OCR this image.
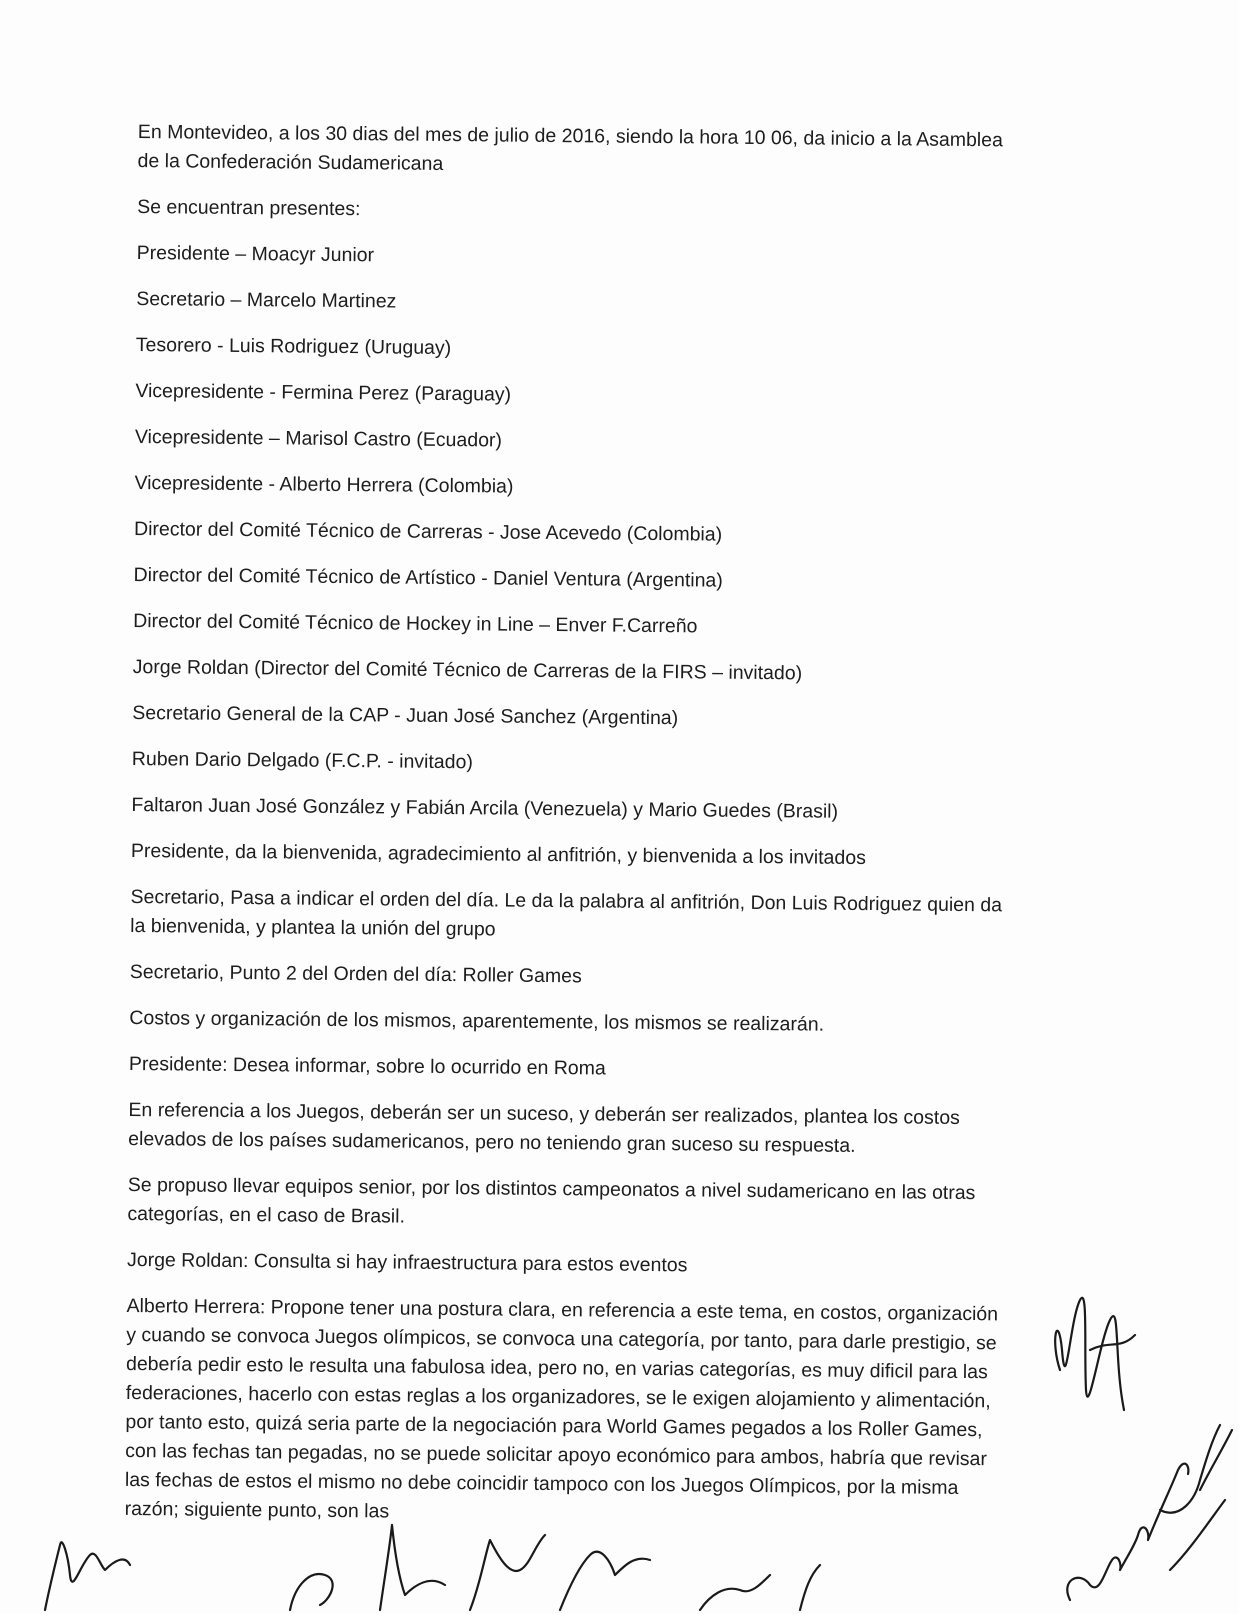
En Montevideo, a los 30 dias del mes de julio de 2016, siendo la hora 10 06, da inicio a la Asamblea de la Confederación Sudamericana

Se encuentran presentes:

Presidente – Moacyr Junior

Secretario – Marcelo Martinez

Tesorero - Luis Rodriguez (Uruguay)

Vicepresidente - Fermina Perez (Paraguay)

Vicepresidente – Marisol Castro (Ecuador)

Vicepresidente - Alberto Herrera (Colombia)

Director del Comité Técnico de Carreras - Jose Acevedo (Colombia)

Director del Comité Técnico de Artístico - Daniel Ventura (Argentina)

Director del Comité Técnico de Hockey in Line – Enver F.Carreño

Jorge Roldan (Director del Comité Técnico de Carreras de la FIRS – invitado)

Secretario General de la CAP - Juan José Sanchez (Argentina)

Ruben Dario Delgado (F.C.P. - invitado)

Faltaron Juan José González y Fabián Arcila (Venezuela) y Mario Guedes (Brasil)

Presidente, da la bienvenida, agradecimiento al anfitrión, y bienvenida a los invitados

Secretario, Pasa a indicar el orden del día. Le da la palabra al anfitrión, Don Luis Rodriguez quien da la bienvenida, y plantea la unión del grupo

Secretario, Punto 2 del Orden del día: Roller Games

Costos y organización de los mismos, aparentemente, los mismos se realizarán.

Presidente: Desea informar, sobre lo ocurrido en Roma

En referencia a los Juegos, deberán ser un suceso, y deberán ser realizados, plantea los costos elevados de los países sudamericanos, pero no teniendo gran suceso su respuesta.

Se propuso llevar equipos senior, por los distintos campeonatos a nivel sudamericano en las otras categorías, en el caso de Brasil.

Jorge Roldan: Consulta si hay infraestructura para estos eventos

Alberto Herrera: Propone tener una postura clara, en referencia a este tema, en costos, organización y cuando se convoca Juegos olímpicos, se convoca una categoría, por tanto, para darle prestigio, se debería pedir esto le resulta una fabulosa idea, pero no, en varias categorías, es muy dificil para las federaciones, hacerlo con estas reglas a los organizadores, se le exigen alojamiento y alimentación, por tanto esto, quizá seria parte de la negociación para World Games pegados a los Roller Games, con las fechas tan pegadas, no se puede solicitar apoyo económico para ambos, habría que revisar las fechas de estos el mismo no debe coincidir tampoco con los Juegos Olímpicos, por la misma razón; siguiente punto, son las
